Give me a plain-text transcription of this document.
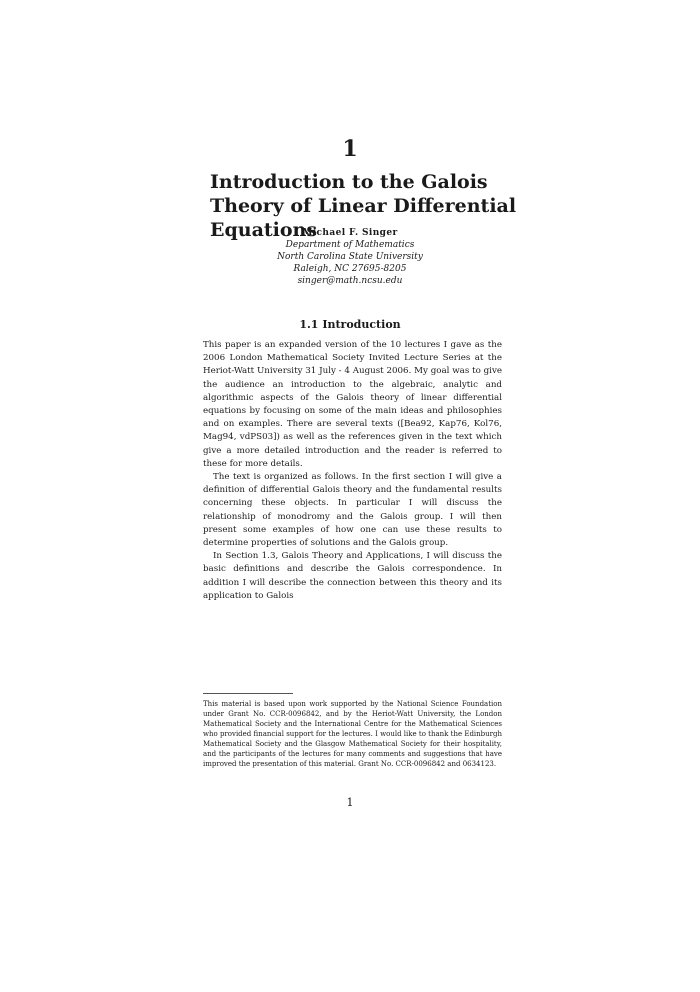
1
Introduction to the Galois Theory of Linear Differential Equations
Michael F. Singer
Department of Mathematics
North Carolina State University
Raleigh, NC 27695-8205
singer@math.ncsu.edu
1.1 Introduction

This paper is an expanded version of the 10 lectures I gave as the 2006 London Mathematical Society Invited Lecture Series at the Heriot-Watt University 31 July - 4 August 2006. My goal was to give the audience an introduction to the algebraic, analytic and algorithmic aspects of the Galois theory of linear differential equations by focusing on some of the main ideas and philosophies and on examples. There are several texts ([Bea92, Kap76, Kol76, Mag94, vdPS03]) as well as the references given in the text which give a more detailed introduction and the reader is referred to these for more details.

The text is organized as follows. In the first section I will give a definition of differential Galois theory and the fundamental results concerning these objects. In particular I will discuss the relationship of monodromy and the Galois group. I will then present some examples of how one can use these results to determine properties of solutions and the Galois group.

In Section 1.3, Galois Theory and Applications, I will discuss the basic definitions and describe the Galois correspondence. In addition I will describe the connection between this theory and its application to Galois

This material is based upon work supported by the National Science Foundation under Grant No. CCR-0096842, and by the Heriot-Watt University, the London Mathematical Society and the International Centre for the Mathematical Sciences who provided financial support for the lectures. I would like to thank the Edinburgh Mathematical Society and the Glasgow Mathematical Society for their hospitality, and the participants of the lectures for many comments and suggestions that have improved the presentation of this material. Grant No. CCR-0096842 and 0634123.
1
